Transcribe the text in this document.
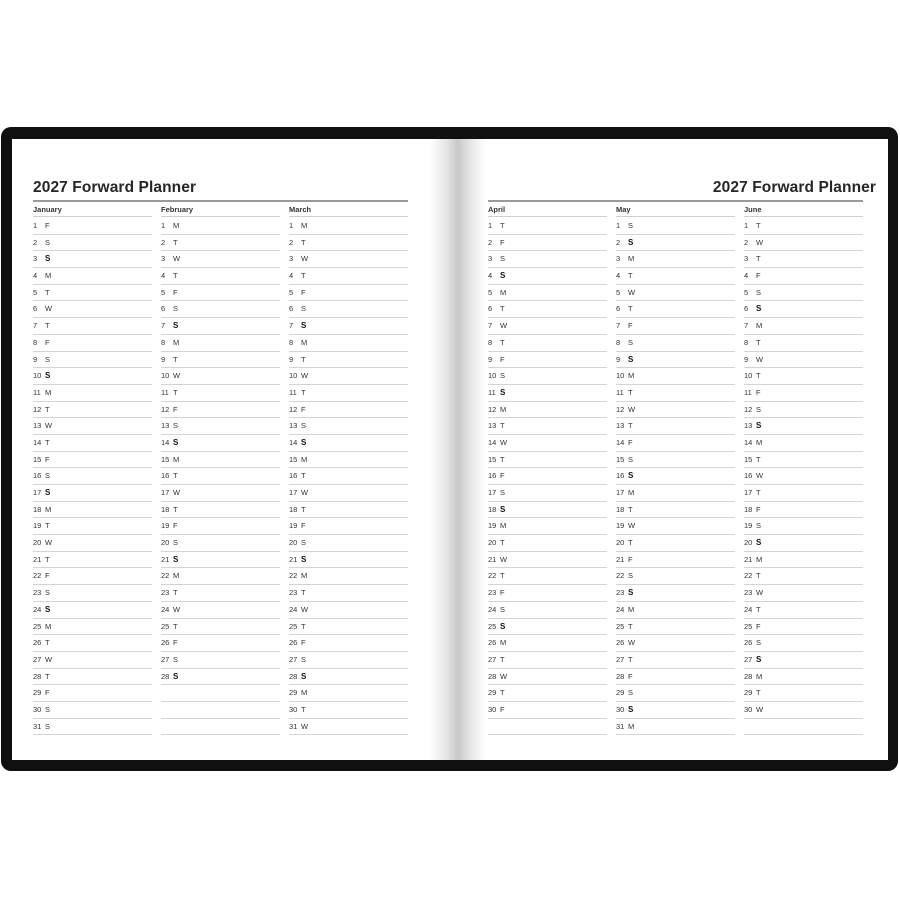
2027 Forward Planner
January
1 F
2 S
3 S
4 M
5 T
6 W
7 T
8 F
9 S
10 S
11 M
12 T
13 W
14 T
15 F
16 S
17 S
18 M
19 T
20 W
21 T
22 F
23 S
24 S
25 M
26 T
27 W
28 T
29 F
30 S
31 S
February
1 M
2 T
3 W
4 T
5 F
6 S
7 S
8 M
9 T
10 W
11 T
12 F
13 S
14 S
15 M
16 T
17 W
18 T
19 F
20 S
21 S
22 M
23 T
24 W
25 T
26 F
27 S
28 S
March
1 M
2 T
3 W
4 T
5 F
6 S
7 S
8 M
9 T
10 W
11 T
12 F
13 S
14 S
15 M
16 T
17 W
18 T
19 F
20 S
21 S
22 M
23 T
24 W
25 T
26 F
27 S
28 S
29 M
30 T
31 W
2027 Forward Planner
April
1 T
2 F
3 S
4 S
5 M
6 T
7 W
8 T
9 F
10 S
11 S
12 M
13 T
14 W
15 T
16 F
17 S
18 S
19 M
20 T
21 W
22 T
23 F
24 S
25 S
26 M
27 T
28 W
29 T
30 F
May
1 S
2 S
3 M
4 T
5 W
6 T
7 F
8 S
9 S
10 M
11 T
12 W
13 T
14 F
15 S
16 S
17 M
18 T
19 W
20 T
21 F
22 S
23 S
24 M
25 T
26 W
27 T
28 F
29 S
30 S
31 M
June
1 T
2 W
3 T
4 F
5 S
6 S
7 M
8 T
9 W
10 T
11 F
12 S
13 S
14 M
15 T
16 W
17 T
18 F
19 S
20 S
21 M
22 T
23 W
24 T
25 F
26 S
27 S
28 M
29 T
30 W
